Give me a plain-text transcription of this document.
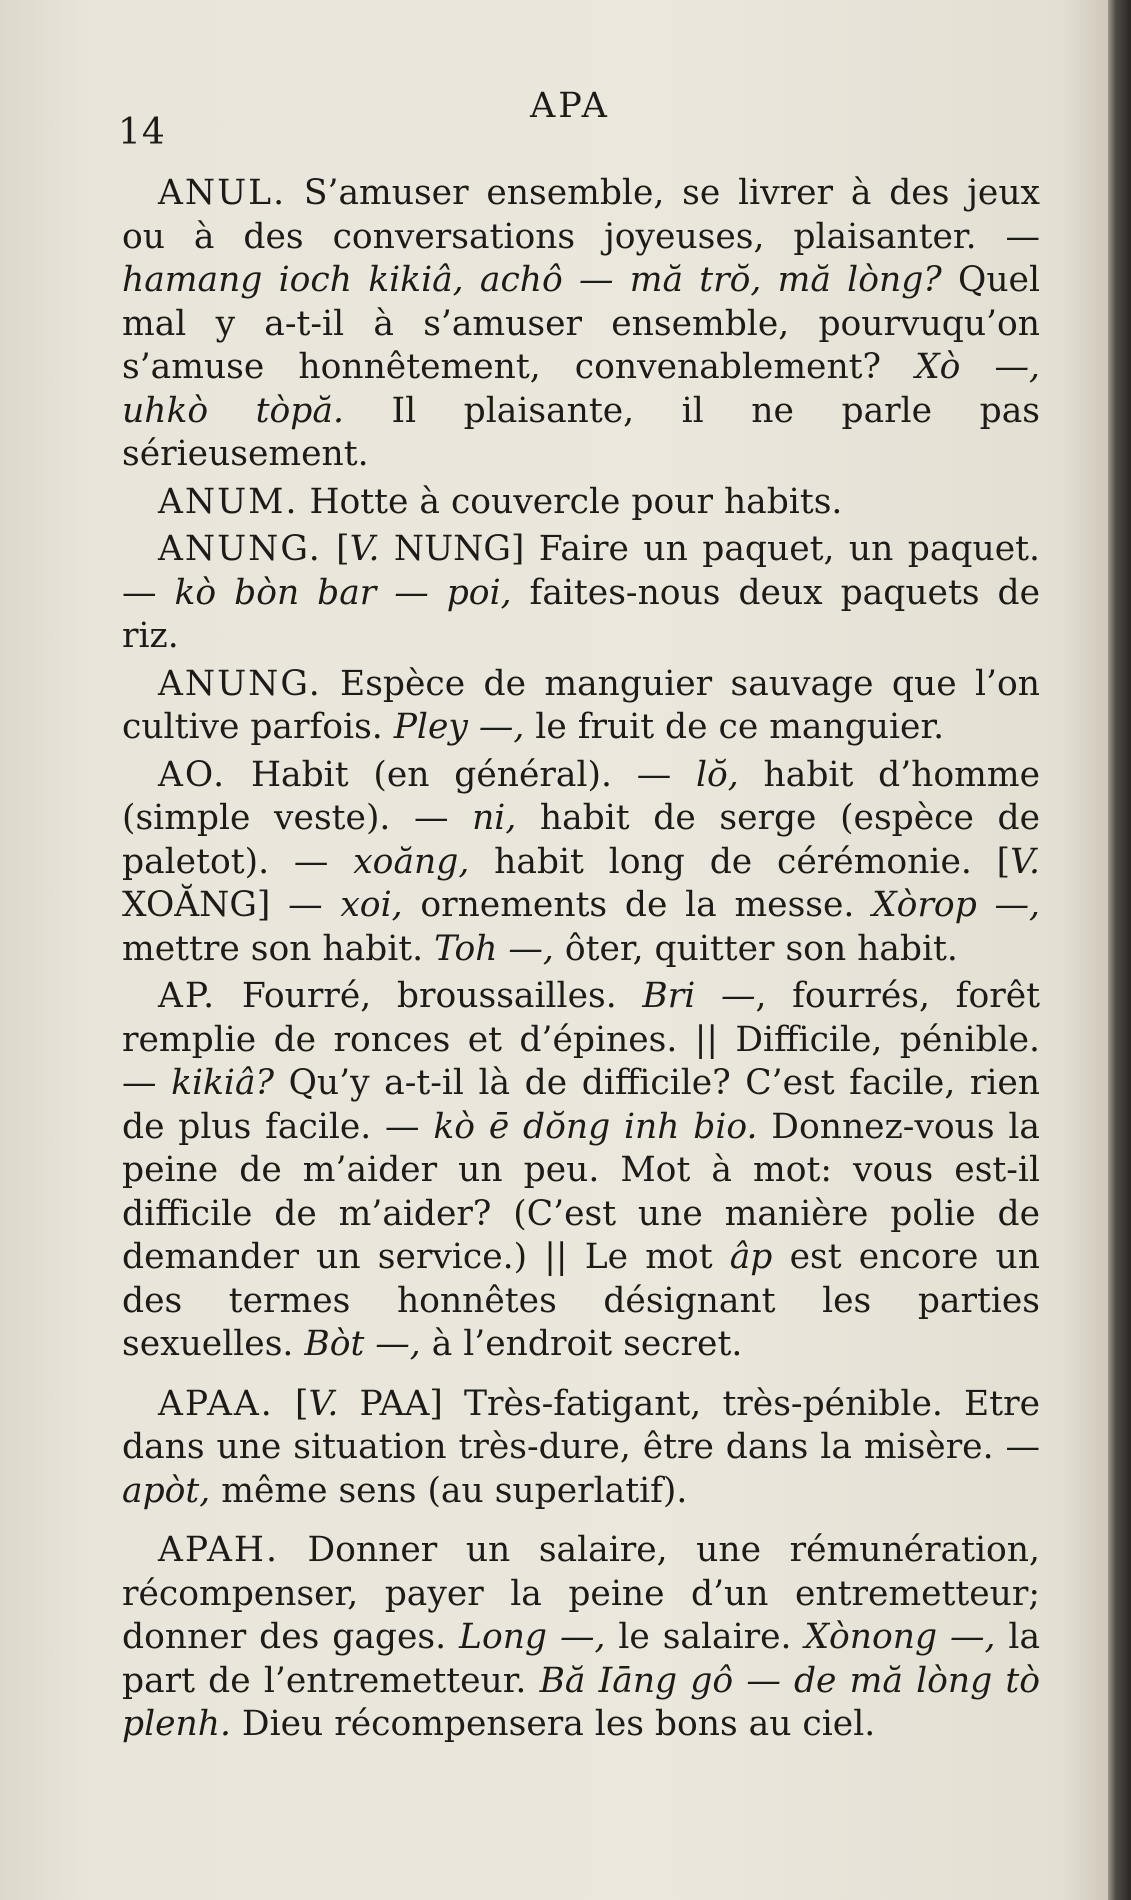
14
APA

ANUL. S’amuser ensemble, se livrer à des jeux ou à des conversations joyeuses, plaisanter. — hamang ioch kikiâ, achô — mă trŏ, mă lòng? Quel mal y a-t-il à s’amuser ensemble, pourvuqu’on s’amuse honnêtement, convenablement? Xò —, uhkò tòpă. Il plaisante, il ne parle pas sérieusement.

ANUM. Hotte à couvercle pour habits.

ANUNG. [V. NUNG] Faire un paquet, un paquet. — kò bòn bar — poi, faites-nous deux paquets de riz.

ANUNG. Espèce de manguier sauvage que l’on cultive parfois. Pley —, le fruit de ce manguier.

AO. Habit (en général). — lŏ, habit d’homme (simple veste). — ni, habit de serge (espèce de paletot). — xoăng, habit long de cérémonie. [V. XOĂNG] — xoi, ornements de la messe. Xòrop —, mettre son habit. Toh —, ôter, quitter son habit.

AP. Fourré, broussailles. Bri —, fourrés, forêt remplie de ronces et d’épines. || Difficile, pénible. — kikiâ? Qu’y a-t-il là de difficile? C’est facile, rien de plus facile. — kò ē dŏng inh bio. Donnez-vous la peine de m’aider un peu. Mot à mot: vous est-il difficile de m’aider? (C’est une manière polie de demander un service.) || Le mot âp est encore un des termes honnêtes désignant les parties sexuelles. Bòt —, à l’endroit secret.

APAA. [V. PAA] Très-fatigant, très-pénible. Etre dans une situation très-dure, être dans la misère. — apòt, même sens (au superlatif).

APAH. Donner un salaire, une rémunération, récompenser, payer la peine d’un entremetteur; donner des gages. Long —, le salaire. Xònong —, la part de l’entremetteur. Bă Iāng gô — de mă lòng tò plenh. Dieu récompensera les bons au ciel.
